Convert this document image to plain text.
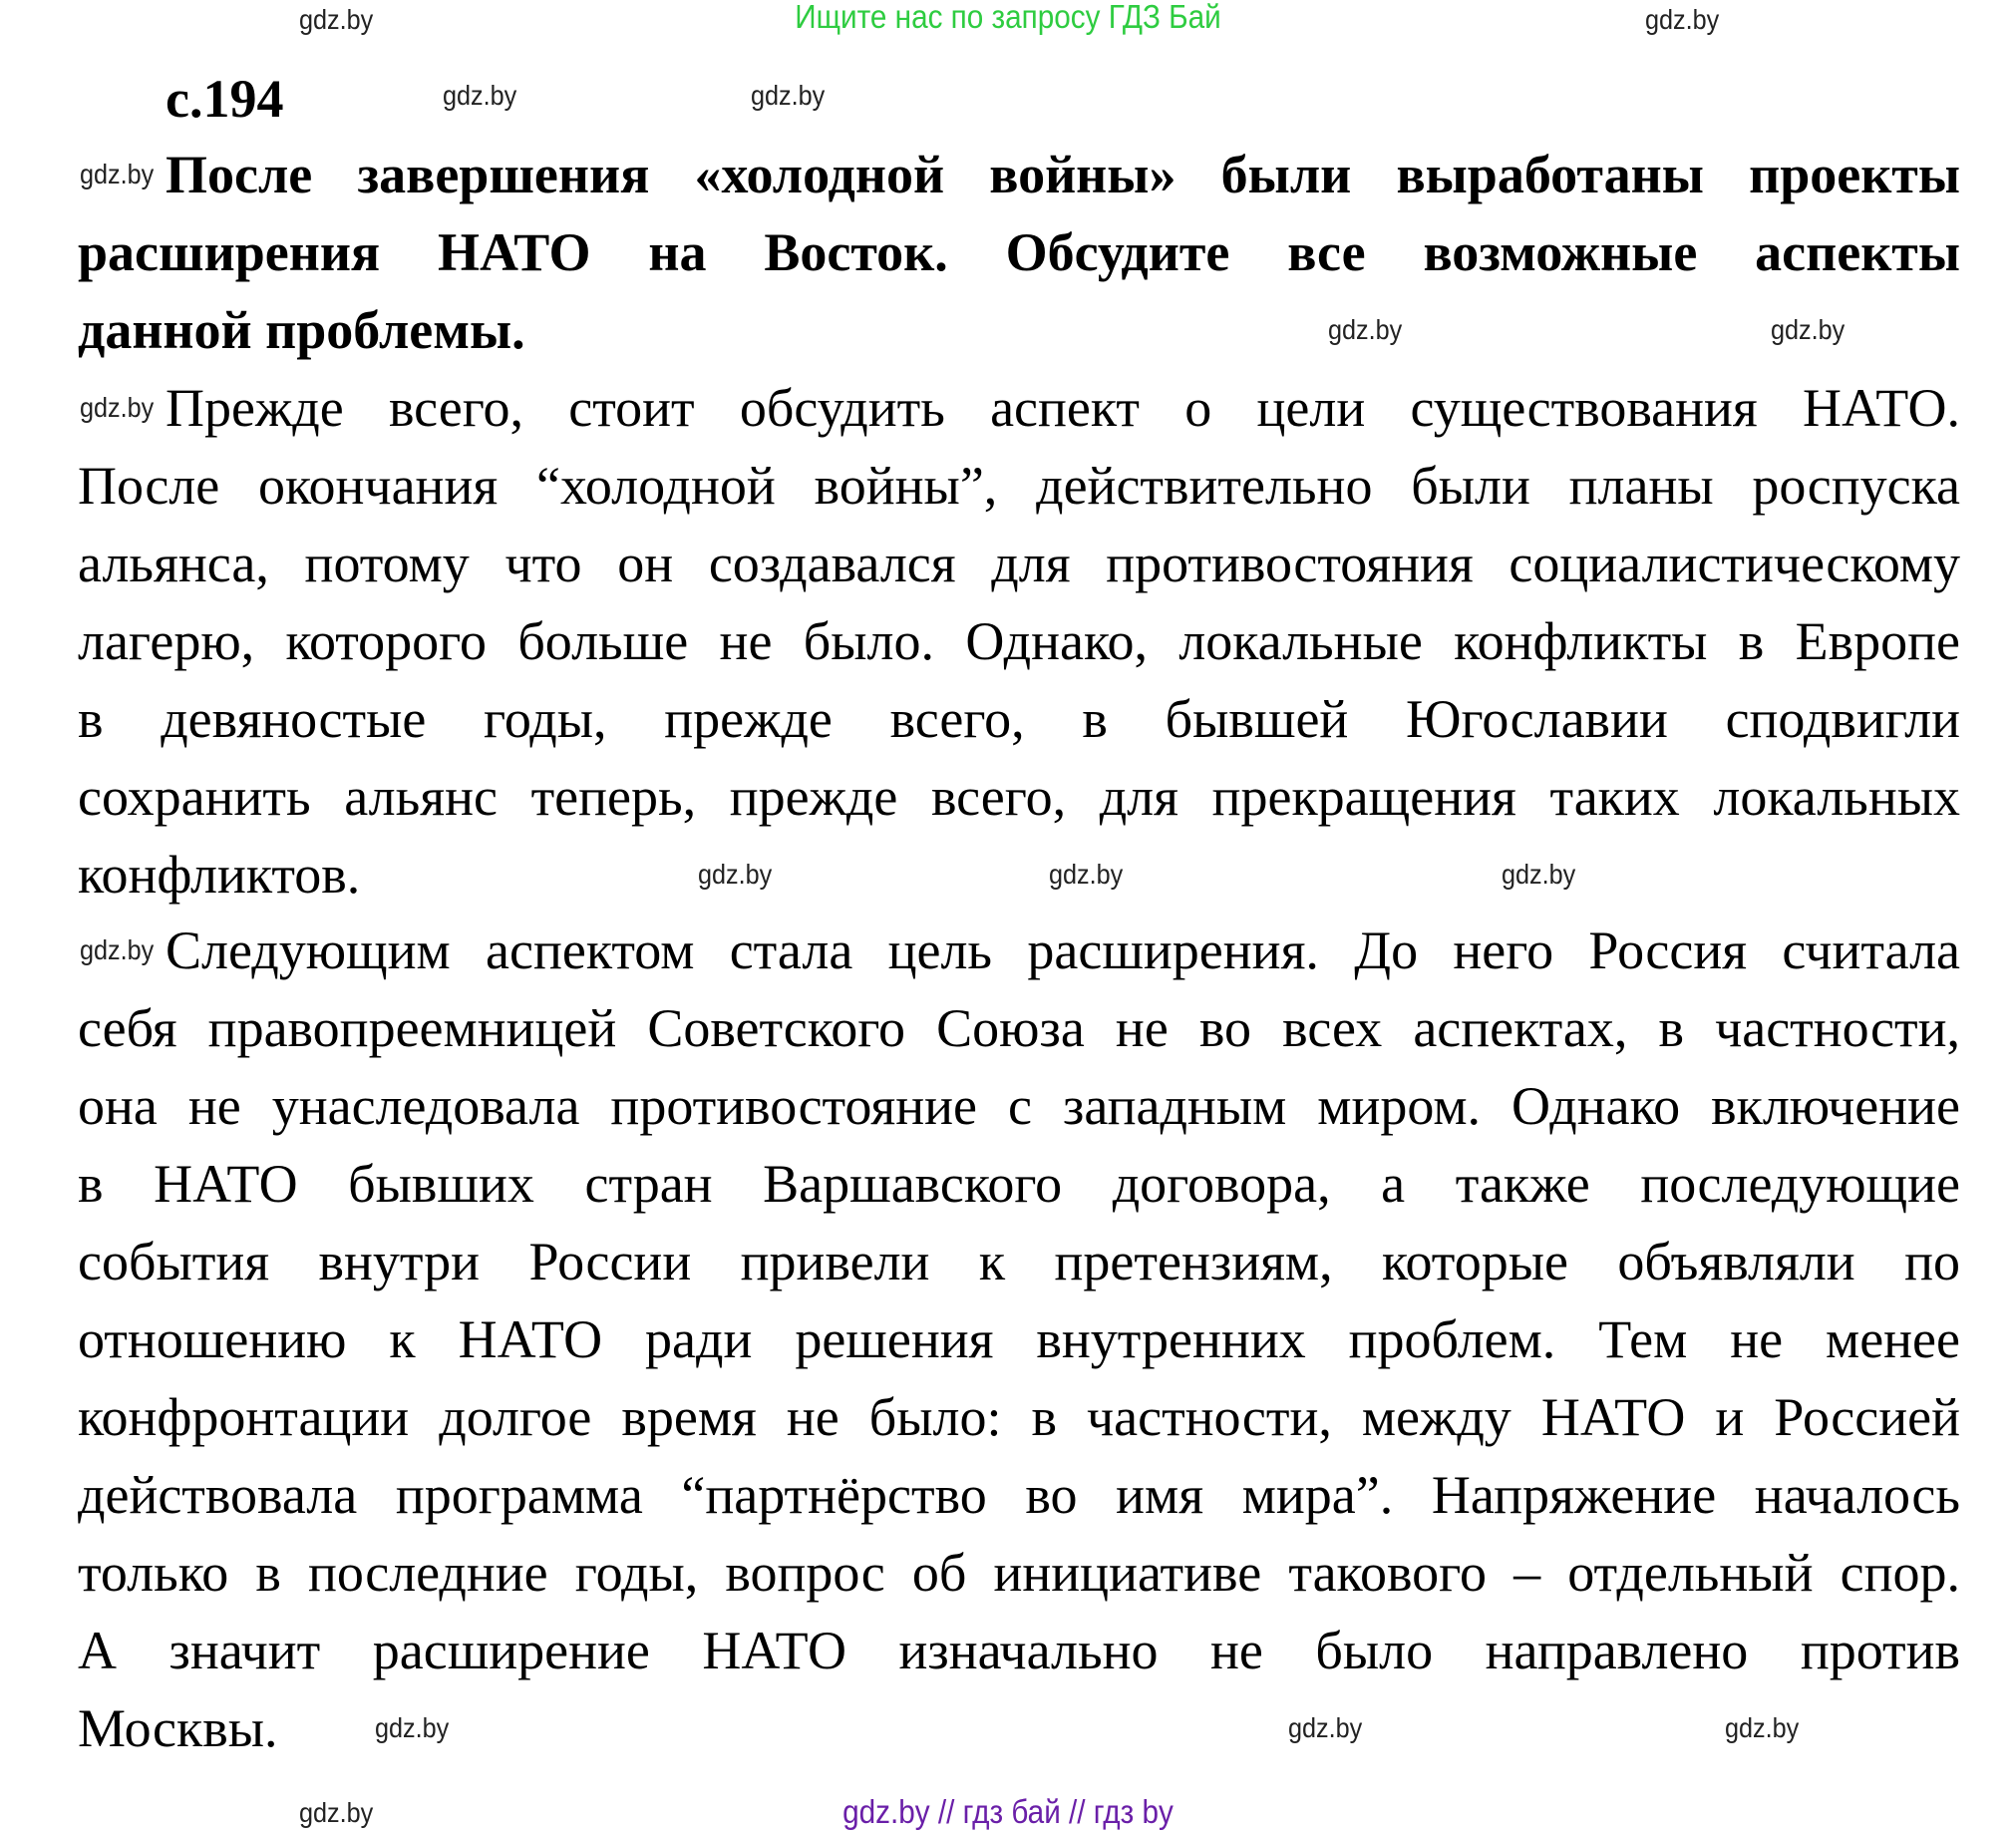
Ищите нас по запросу ГДЗ Бай
с.194
После завершения «холодной войны» были выработаны проекты
расширения НАТО на Восток. Обсудите все возможные аспекты
данной проблемы.
Прежде всего, стоит обсудить аспект о цели существования НАТО.
После окончания “холодной войны”, действительно были планы роспуска
альянса, потому что он создавался для противостояния социалистическому
лагерю, которого больше не было. Однако, локальные конфликты в Европе
в девяностые годы, прежде всего, в бывшей Югославии сподвигли
сохранить альянс теперь, прежде всего, для прекращения таких локальных
конфликтов.
Следующим аспектом стала цель расширения. До него Россия считала
себя правопреемницей Советского Союза не во всех аспектах, в частности,
она не унаследовала противостояние с западным миром. Однако включение
в НАТО бывших стран Варшавского договора, а также последующие
события внутри России привели к претензиям, которые объявляли по
отношению к НАТО ради решения внутренних проблем. Тем не менее
конфронтации долгое время не было: в частности, между НАТО и Россией
действовала программа “партнёрство во имя мира”. Напряжение началось
только в последние годы, вопрос об инициативе такового – отдельный спор.
А значит расширение НАТО изначально не было направлено против
Москвы.
gdz.by	gdz.by
gdz.by	gdz.by
gdz.by	gdz.by	gdz.by
gdz.by	gdz.by	gdz.by
gdz.by
gdz.by
gdz.by
gdz.by	gdz.by
gdz.by	gdz.by // гдз бай // гдз by
